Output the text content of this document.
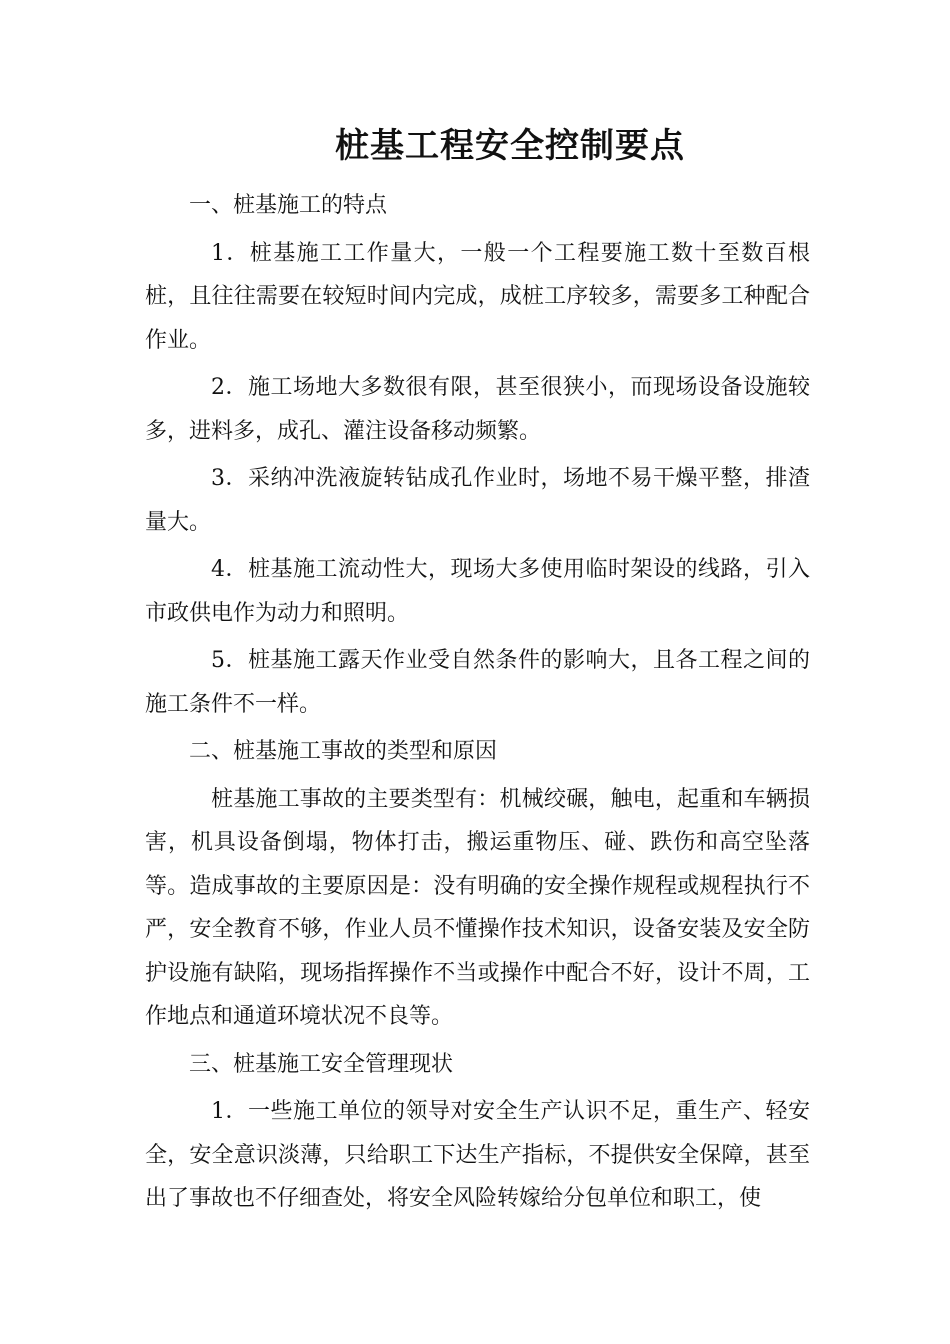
桩基工程安全控制要点

一、桩基施工的特点

1．桩基施工工作量大，一般一个工程要施工数十至数百根桩，且往往需要在较短时间内完成，成桩工序较多，需要多工种配合作业。

2．施工场地大多数很有限，甚至很狭小，而现场设备设施较多，进料多，成孔、灌注设备移动频繁。

3．采纳冲洗液旋转钻成孔作业时，场地不易干燥平整，排渣量大。

4．桩基施工流动性大，现场大多使用临时架设的线路，引入市政供电作为动力和照明。

5．桩基施工露天作业受自然条件的影响大，且各工程之间的施工条件不一样。

二、桩基施工事故的类型和原因

桩基施工事故的主要类型有：机械绞碾，触电，起重和车辆损害，机具设备倒塌，物体打击，搬运重物压、碰、跌伤和高空坠落等。造成事故的主要原因是：没有明确的安全操作规程或规程执行不严，安全教育不够，作业人员不懂操作技术知识，设备安装及安全防护设施有缺陷，现场指挥操作不当或操作中配合不好，设计不周，工作地点和通道环境状况不良等。

三、桩基施工安全管理现状

1．一些施工单位的领导对安全生产认识不足，重生产、轻安全，安全意识淡薄，只给职工下达生产指标，不提供安全保障，甚至出了事故也不仔细查处，将安全风险转嫁给分包单位和职工，使
